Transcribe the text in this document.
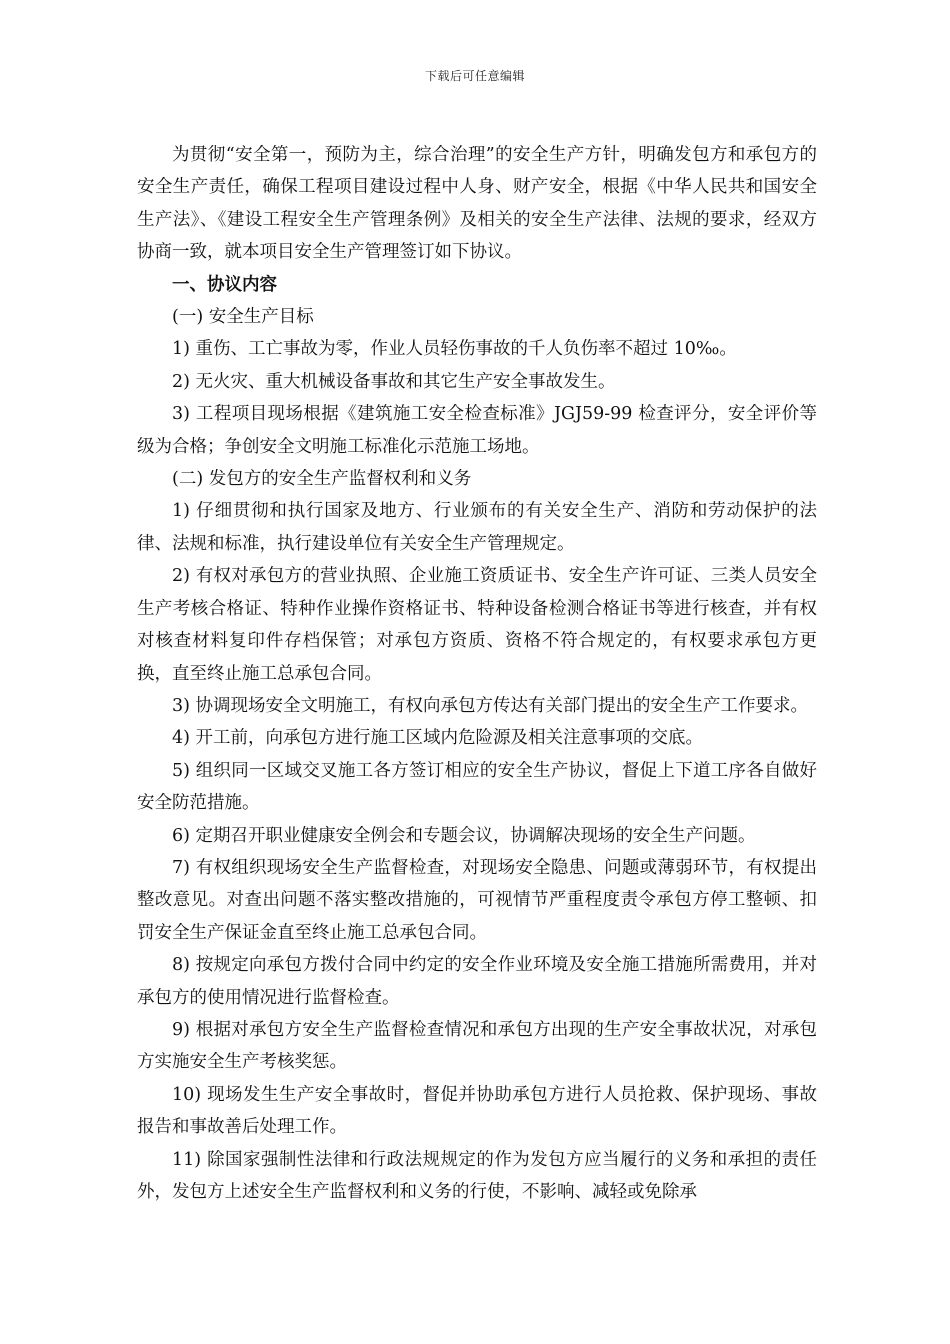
下载后可任意编辑

为贯彻“安全第一，预防为主，综合治理”的安全生产方针，明确发包方和承包方的安全生产责任，确保工程项目建设过程中人身、财产安全，根据《中华人民共和国安全生产法》、《建设工程安全生产管理条例》及相关的安全生产法律、法规的要求，经双方协商一致，就本项目安全生产管理签订如下协议。

一、协议内容

(一) 安全生产目标

1) 重伤、工亡事故为零，作业人员轻伤事故的千人负伤率不超过 10‰。

2) 无火灾、重大机械设备事故和其它生产安全事故发生。

3) 工程项目现场根据《建筑施工安全检查标准》JGJ59-99 检查评分，安全评价等级为合格；争创安全文明施工标准化示范施工场地。

(二) 发包方的安全生产监督权利和义务

1) 仔细贯彻和执行国家及地方、行业颁布的有关安全生产、消防和劳动保护的法律、法规和标准，执行建设单位有关安全生产管理规定。

2) 有权对承包方的营业执照、企业施工资质证书、安全生产许可证、三类人员安全生产考核合格证、特种作业操作资格证书、特种设备检测合格证书等进行核查，并有权对核查材料复印件存档保管；对承包方资质、资格不符合规定的，有权要求承包方更换，直至终止施工总承包合同。

3) 协调现场安全文明施工，有权向承包方传达有关部门提出的安全生产工作要求。

4) 开工前，向承包方进行施工区域内危险源及相关注意事项的交底。

5) 组织同一区域交叉施工各方签订相应的安全生产协议，督促上下道工序各自做好安全防范措施。

6) 定期召开职业健康安全例会和专题会议，协调解决现场的安全生产问题。

7) 有权组织现场安全生产监督检查，对现场安全隐患、问题或薄弱环节，有权提出整改意见。对查出问题不落实整改措施的，可视情节严重程度责令承包方停工整顿、扣罚安全生产保证金直至终止施工总承包合同。

8) 按规定向承包方拨付合同中约定的安全作业环境及安全施工措施所需费用，并对承包方的使用情况进行监督检查。

9) 根据对承包方安全生产监督检查情况和承包方出现的生产安全事故状况，对承包方实施安全生产考核奖惩。

10) 现场发生生产安全事故时，督促并协助承包方进行人员抢救、保护现场、事故报告和事故善后处理工作。

11) 除国家强制性法律和行政法规规定的作为发包方应当履行的义务和承担的责任外，发包方上述安全生产监督权利和义务的行使，不影响、减轻或免除承
